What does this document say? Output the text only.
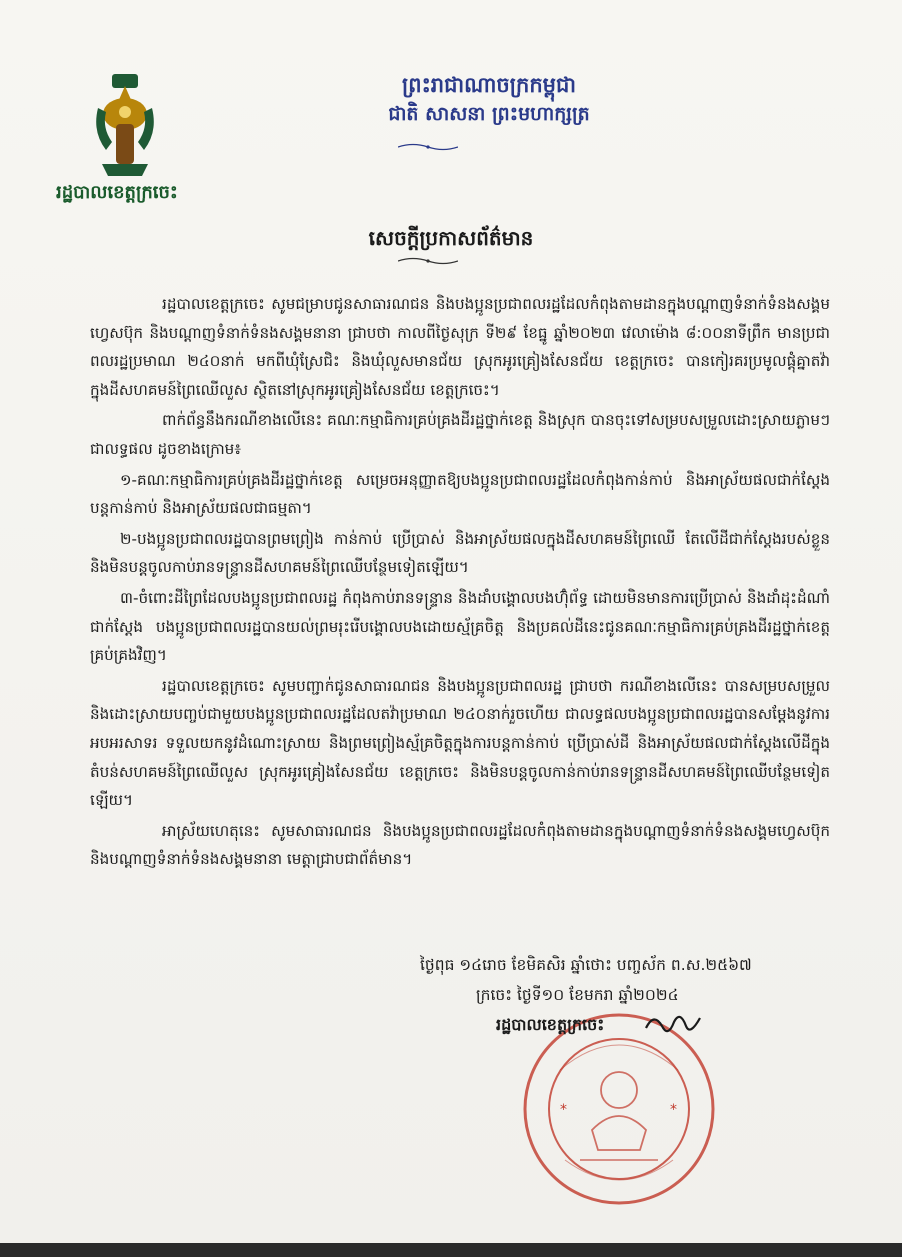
រដ្ឋបាលខេត្តក្រចេះ
ព្រះរាជាណាចក្រកម្ពុជា
ជាតិ សាសនា ព្រះមហាក្សត្រ
សេចក្តីប្រកាសព័ត៌មាន

រដ្ឋបាលខេត្តក្រចេះ សូមជម្រាបជូនសាធារណជន និងបងប្អូនប្រជាពលរដ្ឋដែលកំពុងតាមដានក្នុងបណ្តាញទំនាក់ទំនងសង្គមហ្វេសប៊ុក និងបណ្តាញទំនាក់ទំនងសង្គមនានា ជ្រាបថា កាលពីថ្ងៃសុក្រ ទី២៩ ខែធ្នូ ឆ្នាំ២០២៣ វេលាម៉ោង ៨:០០នាទីព្រឹក មានប្រជាពលរដ្ឋប្រមាណ ២៤០នាក់ មកពីឃុំស្រែជិះ និងឃុំលួសមានជ័យ ស្រុកអូរគ្រៀងសែនជ័យ ខេត្តក្រចេះ បានកៀរគរប្រមូលផ្តុំគ្នាតវ៉ាក្នុងដីសហគមន៍ព្រៃឈើលួស ស្ថិតនៅស្រុកអូរគ្រៀងសែនជ័យ ខេត្តក្រចេះ។

ពាក់ព័ន្ធនឹងករណីខាងលើនេះ គណៈកម្មាធិការគ្រប់គ្រងដីរដ្ឋថ្នាក់ខេត្ត និងស្រុក បានចុះទៅសម្របសម្រួលដោះស្រាយភ្លាមៗ ជាលទ្ធផល ដូចខាងក្រោម៖

១-គណៈកម្មាធិការគ្រប់គ្រងដីរដ្ឋថ្នាក់ខេត្ត សម្រេចអនុញ្ញាតឱ្យបងប្អូនប្រជាពលរដ្ឋដែលកំពុងកាន់កាប់ និងអាស្រ័យផលជាក់ស្តែងបន្តកាន់កាប់ និងអាស្រ័យផលជាធម្មតា។

២-បងប្អូនប្រជាពលរដ្ឋបានព្រមព្រៀង កាន់កាប់ ប្រើប្រាស់ និងអាស្រ័យផលក្នុងដីសហគមន៍ព្រៃឈើ តែលើដីជាក់ស្តែងរបស់ខ្លួន និងមិនបន្តចូលកាប់រានទន្ទ្រានដីសហគមន៍ព្រៃឈើបន្ថែមទៀតឡើយ។

៣-ចំពោះដីព្រៃដែលបងប្អូនប្រជាពលរដ្ឋ កំពុងកាប់រានទន្ទ្រាន និងដាំបង្គោលបងហ៊ុំព័ទ្ធ ដោយមិនមានការប្រើប្រាស់ និងដាំដុះដំណាំជាក់ស្តែង បងប្អូនប្រជាពលរដ្ឋបានយល់ព្រមរុះរើបង្គោលបងដោយស្ម័គ្រចិត្ត និងប្រគល់ដីនេះជូនគណៈកម្មាធិការគ្រប់គ្រងដីរដ្ឋថ្នាក់ខេត្តគ្រប់គ្រងវិញ។

រដ្ឋបាលខេត្តក្រចេះ សូមបញ្ជាក់ជូនសាធារណជន និងបងប្អូនប្រជាពលរដ្ឋ ជ្រាបថា ករណីខាងលើនេះ បានសម្របសម្រួល និងដោះស្រាយបញ្ចប់ជាមួយបងប្អូនប្រជាពលរដ្ឋដែលតវ៉ាប្រមាណ ២៤០នាក់រួចហើយ ជាលទ្ធផលបងប្អូនប្រជាពលរដ្ឋបានសម្តែងនូវការអបអរសាទរ ទទួលយកនូវដំណោះស្រាយ និងព្រមព្រៀងស្ម័គ្រចិត្តក្នុងការបន្តកាន់កាប់ ប្រើប្រាស់ដី និងអាស្រ័យផលជាក់ស្តែងលើដីក្នុងតំបន់សហគមន៍ព្រៃឈើលួស ស្រុកអូរគ្រៀងសែនជ័យ ខេត្តក្រចេះ និងមិនបន្តចូលកាន់កាប់រានទន្ទ្រានដីសហគមន៍ព្រៃឈើបន្ថែមទៀតឡើយ។

អាស្រ័យហេតុនេះ សូមសាធារណជន និងបងប្អូនប្រជាពលរដ្ឋដែលកំពុងតាមដានក្នុងបណ្តាញទំនាក់ទំនងសង្គមហ្វេសប៊ុក និងបណ្តាញទំនាក់ទំនងសង្គមនានា មេត្តាជ្រាបជាព័ត៌មាន។

ថ្ងៃពុធ ១៤រោច ខែមិគសិរ ឆ្នាំថោះ បញ្ចស័ក ព.ស.២៥៦៧
ក្រចេះ ថ្ងៃទី១០ ខែមករា ឆ្នាំ២០២៤
*	*
រដ្ឋបាលខេត្តក្រចេះ
